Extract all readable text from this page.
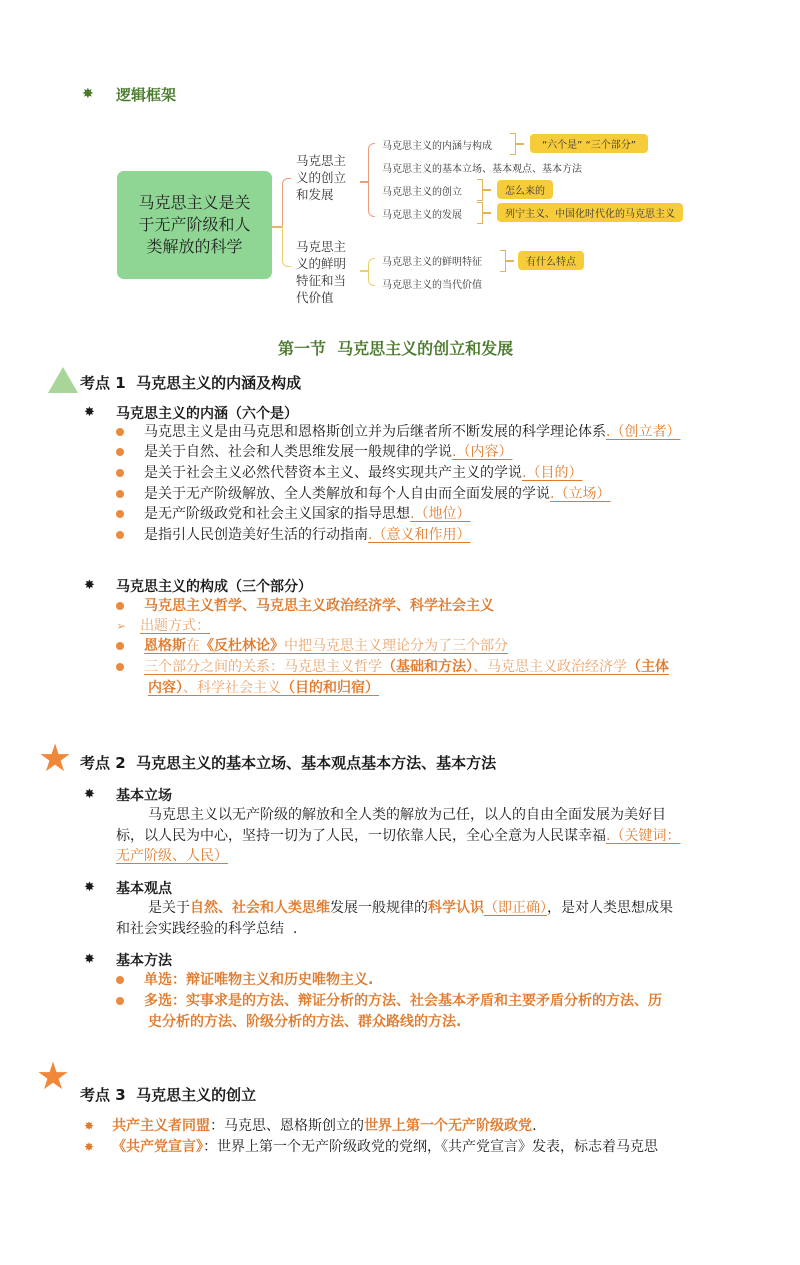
✸ 逻辑框架
马克思主义是关于无产阶级和人类解放的科学
马克思主义的创立和发展
马克思主义的鲜明特征和当代价值
马克思主义的内涵与构成
马克思主义的基本立场、基本观点、基本方法
马克思主义的创立
马克思主义的发展
“六个是” “三个部分”
怎么来的
列宁主义、中国化时代化的马克思主义
马克思主义的鲜明特征
马克思主义的当代价值
有什么特点
第一节  马克思主义的创立和发展
考点 1  马克思主义的内涵及构成
✸ 马克思主义的内涵（六个是）
马克思主义是由马克思和恩格斯创立并为后继者所不断发展的科学理论体系.（创立者）
是关于自然、社会和人类思维发展一般规律的学说.（内容）
是关于社会主义必然代替资本主义、最终实现共产主义的学说.（目的）
是关于无产阶级解放、全人类解放和每个人自由而全面发展的学说.（立场）
是无产阶级政党和社会主义国家的指导思想.（地位）
是指引人民创造美好生活的行动指南.（意义和作用）
✸ 马克思主义的构成（三个部分）
马克思主义哲学、马克思主义政治经济学、科学社会主义
➢ 出题方式：
恩格斯在《反杜林论》中把马克思主义理论分为了三个部分
三个部分之间的关系：马克思主义哲学（基础和方法）、马克思主义政治经济学（主体
内容）、科学社会主义（目的和归宿）
★ 考点 2  马克思主义的基本立场、基本观点基本方法、基本方法
✸ 基本立场
马克思主义以无产阶级的解放和全人类的解放为己任，以人的自由全面发展为美好目
标，以人民为中心，坚持一切为了人民，一切依靠人民，全心全意为人民谋幸福.（关键词：
无产阶级、人民）
✸ 基本观点
是关于自然、社会和人类思维发展一般规律的科学认识（即正确），是对人类思想成果
和社会实践经验的科学总结  .
✸ 基本方法
单选：辩证唯物主义和历史唯物主义.
多选：实事求是的方法、辩证分析的方法、社会基本矛盾和主要矛盾分析的方法、历
史分析的方法、阶级分析的方法、群众路线的方法.
★ 考点 3  马克思主义的创立
✸ 共产主义者同盟：马克思、恩格斯创立的世界上第一个无产阶级政党.
✸ 《共产党宣言》：世界上第一个无产阶级政党的党纲，《共产党宣言》发表，标志着马克思
